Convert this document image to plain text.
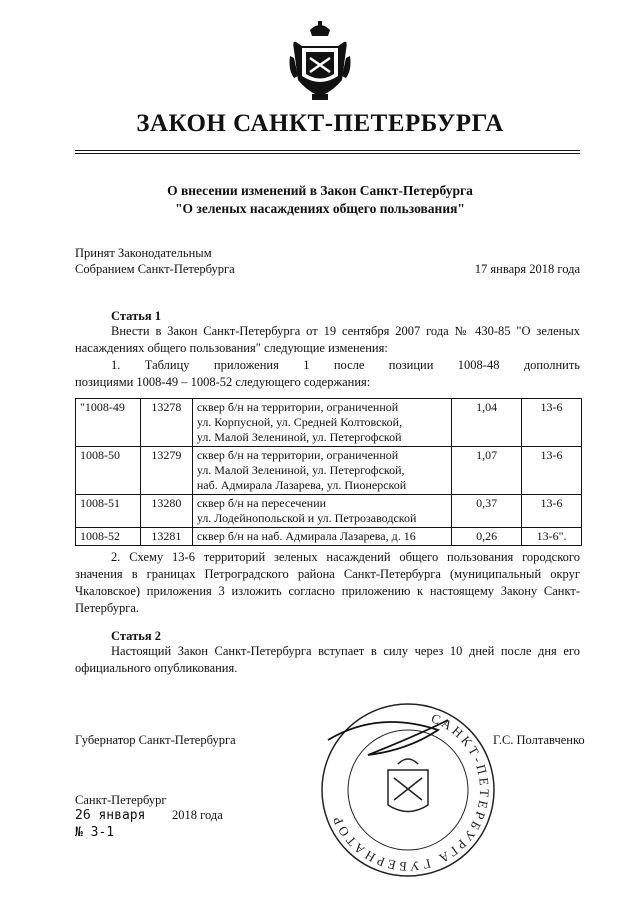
ЗАКОН САНКТ-ПЕТЕРБУРГА
О внесении изменений в Закон Санкт-Петербурга
"О зеленых насаждениях общего пользования"
Принят Законодательным
Собранием Санкт-Петербурга	17 января 2018 года
Статья 1

Внести в Закон Санкт-Петербурга от 19 сентября 2007 года № 430-85 "О зеленых насаждениях общего пользования" следующие изменения:

1. Таблицу приложения 1 после позиции 1008-48 дополнить

позициями 1008-49 – 1008-52 следующего содержания:

"1008-49	13278	сквер б/н на территории, ограниченной
ул. Корпусной, ул. Средней Колтовской,
ул. Малой Зелениной, ул. Петергофской	1,04	13-6
1008-50	13279	сквер б/н на территории, ограниченной
ул. Малой Зелениной, ул. Петергофской,
наб. Адмирала Лазарева, ул. Пионерской	1,07	13-6
1008-51	13280	сквер б/н на пересечении
ул. Лодейнопольской и ул. Петрозаводской	0,37	13-6
1008-52	13281	сквер б/н на наб. Адмирала Лазарева, д. 16	0,26	13-6".

2. Схему 13-6 территорий зеленых насаждений общего пользования городского значения в границах Петроградского района Санкт-Петербурга (муниципальный округ Чкаловское) приложения 3 изложить согласно приложению к настоящему Закону Санкт-Петербурга.

Статья 2

Настоящий Закон Санкт-Петербурга вступает в силу через 10 дней после дня его официального опубликования.

САНКТ-ПЕТЕРБУРГА ГУБЕРНАТОР
Губернатор Санкт-Петербурга	Г.С. Полтавченко
Санкт-Петербург
26 января 2018 года
№ 3-1
